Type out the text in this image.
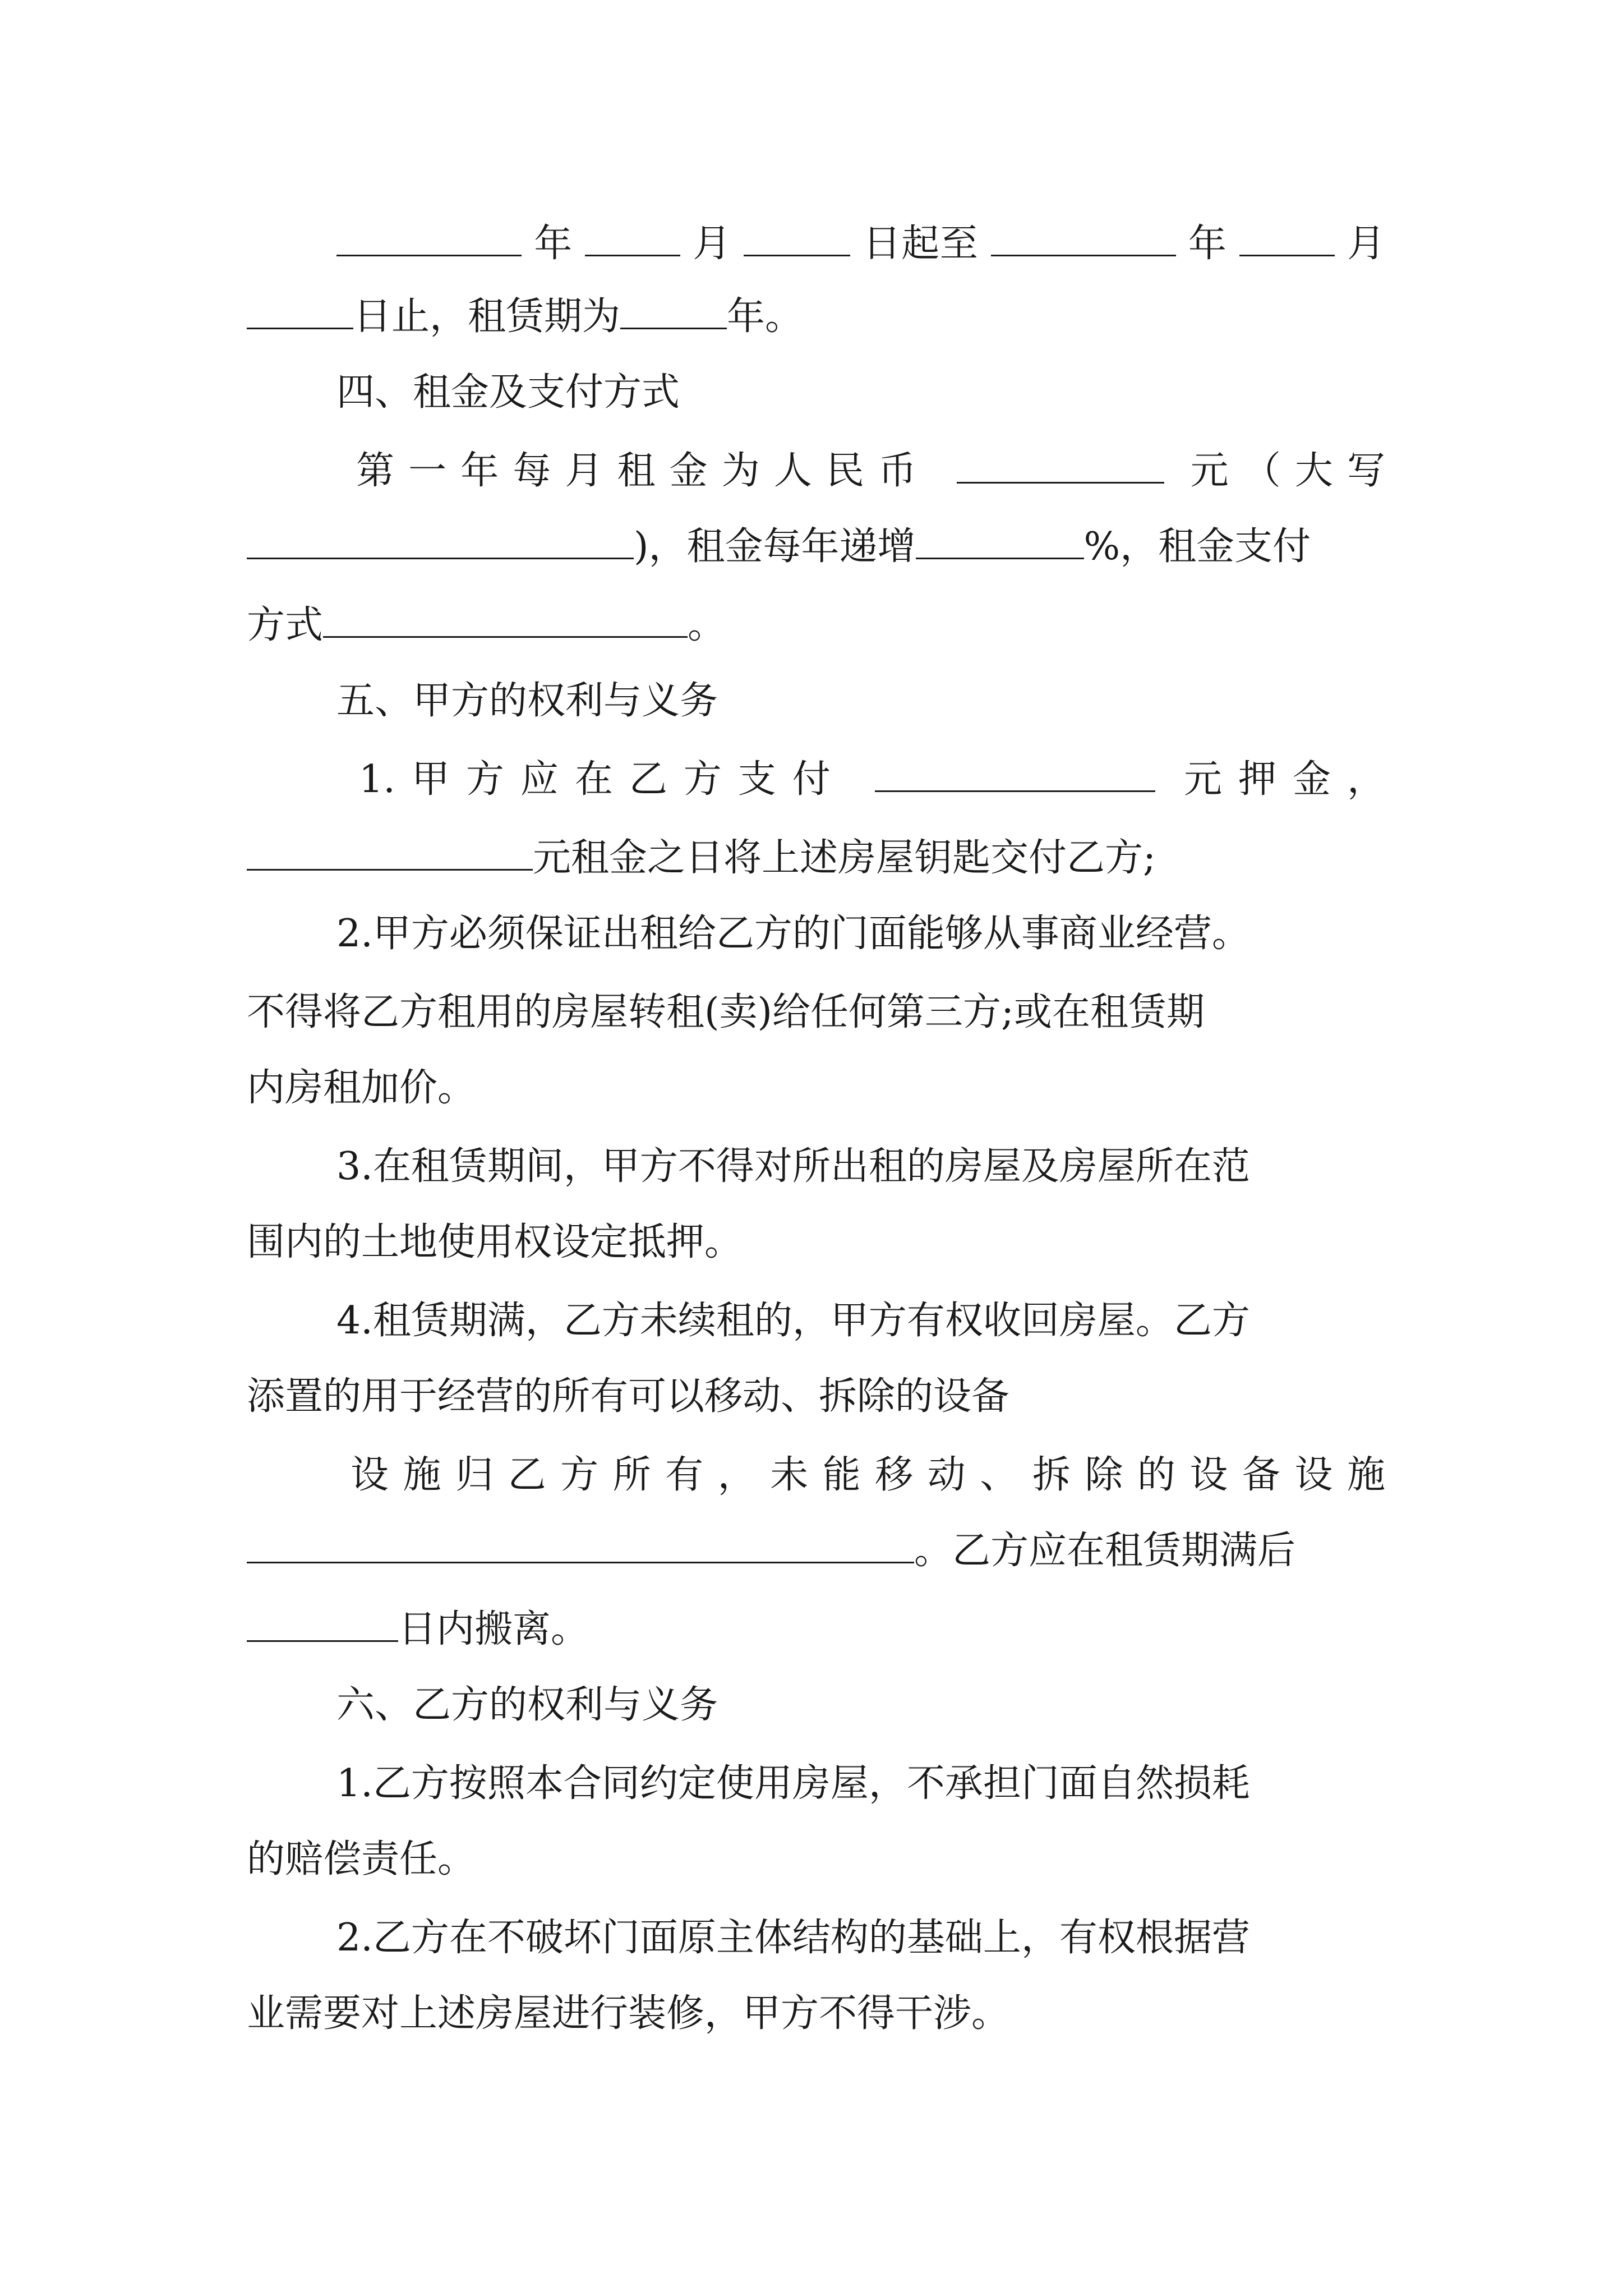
年	月	日起至	年	月
日止，租赁期为	年。
四、租金及支付方式
第一年每月租金为人民币	元（大写
)，租金每年递增	%，租金支付
方式	。
五、甲方的权利与义务
1.甲方应在乙方支付	元押金，
元租金之日将上述房屋钥匙交付乙方;
2.甲方必须保证出租给乙方的门面能够从事商业经营。
不得将乙方租用的房屋转租(卖)给任何第三方;或在租赁期
内房租加价。
3.在租赁期间，甲方不得对所出租的房屋及房屋所在范
围内的土地使用权设定抵押。
4.租赁期满，乙方未续租的，甲方有权收回房屋。乙方
添置的用于经营的所有可以移动、拆除的设备
设施归乙方所有，未能移动、拆除的设备设施
。乙方应在租赁期满后
日内搬离。
六、乙方的权利与义务
1.乙方按照本合同约定使用房屋，不承担门面自然损耗
的赔偿责任。
2.乙方在不破坏门面原主体结构的基础上，有权根据营
业需要对上述房屋进行装修，甲方不得干涉。
